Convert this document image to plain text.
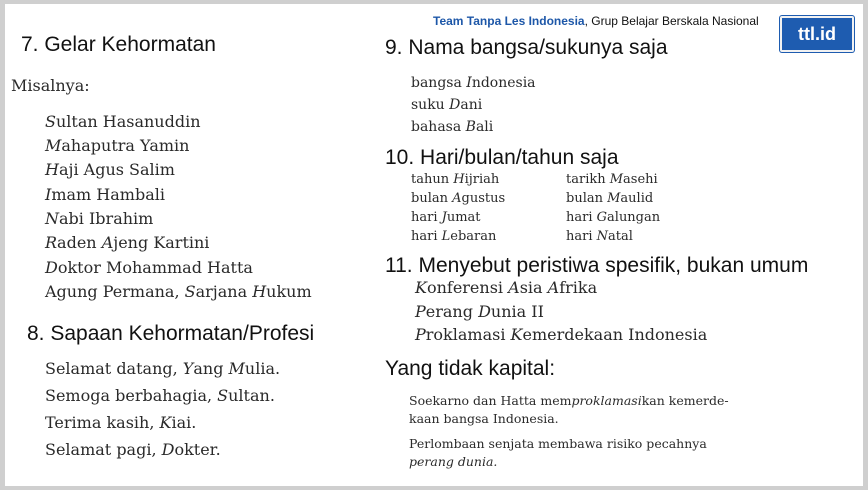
Team Tanpa Les Indonesia, Grup Belajar Berskala Nasional
ttl.id
7. Gelar Kehormatan
Misalnya:
Sultan Hasanuddin
Mahaputra Yamin
Haji Agus Salim
Imam Hambali
Nabi Ibrahim
Raden Ajeng Kartini
Doktor Mohammad Hatta
Agung Permana, Sarjana Hukum
8. Sapaan Kehormatan/Profesi
Selamat datang, Yang Mulia.
Semoga berbahagia, Sultan.
Terima kasih, Kiai.
Selamat pagi, Dokter.
9. Nama bangsa/sukunya saja
bangsa Indonesia
suku Dani
bahasa Bali
10. Hari/bulan/tahun saja
tahun Hijriah
bulan Agustus
hari Jumat
hari Lebaran
tarikh Masehi
bulan Maulid
hari Galungan
hari Natal
11. Menyebut peristiwa spesifik, bukan umum
Konferensi Asia Afrika
Perang Dunia II
Proklamasi Kemerdekaan Indonesia
Yang tidak kapital:
Soekarno dan Hatta memproklamasikan kemerde-
kaan bangsa Indonesia.
Perlombaan senjata membawa risiko pecahnya
perang dunia.
